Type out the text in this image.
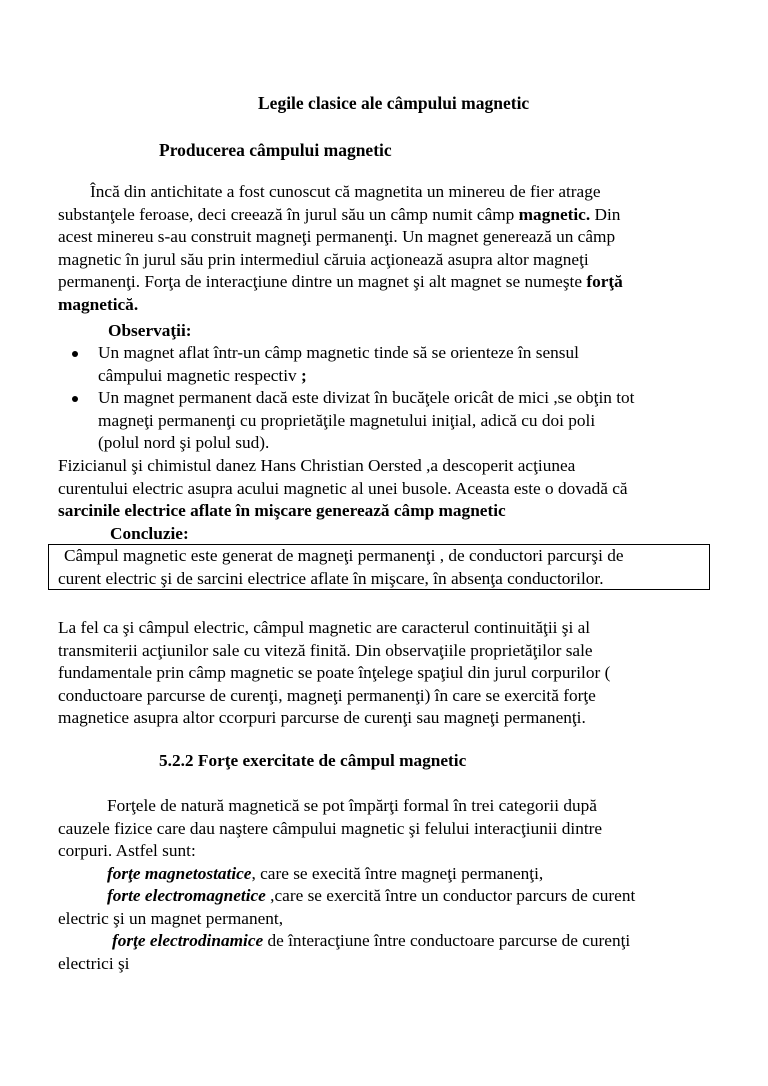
Legile clasice ale câmpului magnetic
Producerea câmpului magnetic
Încă din antichitate a fost cunoscut că magnetita un minereu de fier atrage
substanţele feroase, deci creează în jurul său un câmp numit câmp magnetic. Din
acest minereu s-au construit magneţi permanenţi. Un magnet generează un câmp
magnetic în jurul său prin intermediul căruia acţionează asupra altor magneţi
permanenţi. Forţa de interacţiune dintre un magnet şi alt magnet se numeşte forţă
magnetică.
Observaţii:
Un magnet aflat într-un câmp magnetic tinde să se orienteze în sensul
câmpului magnetic respectiv ;
Un magnet permanent dacă este divizat în bucăţele oricât de mici ,se obţin tot
magneţi permanenţi cu proprietăţile magnetului iniţial, adică cu doi poli
(polul nord şi polul sud).
Fizicianul şi chimistul danez Hans Christian Oersted ,a descoperit acţiunea
curentului electric asupra acului magnetic al unei busole. Aceasta este o dovadă că
sarcinile electrice aflate în mişcare generează câmp magnetic
Concluzie:
Câmpul magnetic este generat de magneţi permanenţi , de conductori parcurşi de
curent electric şi de sarcini electrice aflate în mişcare, în absenţa conductorilor.
La fel ca şi câmpul electric, câmpul magnetic are caracterul continuităţii şi al
transmiterii acţiunilor sale cu viteză finită. Din observaţiile proprietăţilor sale
fundamentale prin câmp magnetic se poate înţelege spaţiul din jurul corpurilor (
conductoare parcurse de curenţi, magneţi permanenţi) în care se exercită forţe
magnetice asupra altor ccorpuri parcurse de curenţi sau magneţi permanenţi.
5.2.2 Forţe exercitate de câmpul magnetic
Forţele de natură magnetică se pot împărţi formal în trei categorii după
cauzele fizice care dau naştere câmpului magnetic şi felului interacţiunii dintre
corpuri. Astfel sunt:
forţe magnetostatice, care se execită între magneţi permanenţi,
forte electromagnetice ,care se exercită între un conductor parcurs de curent
electric şi un magnet permanent,
forţe electrodinamice de înteracţiune între conductoare parcurse de curenţi
electrici şi
